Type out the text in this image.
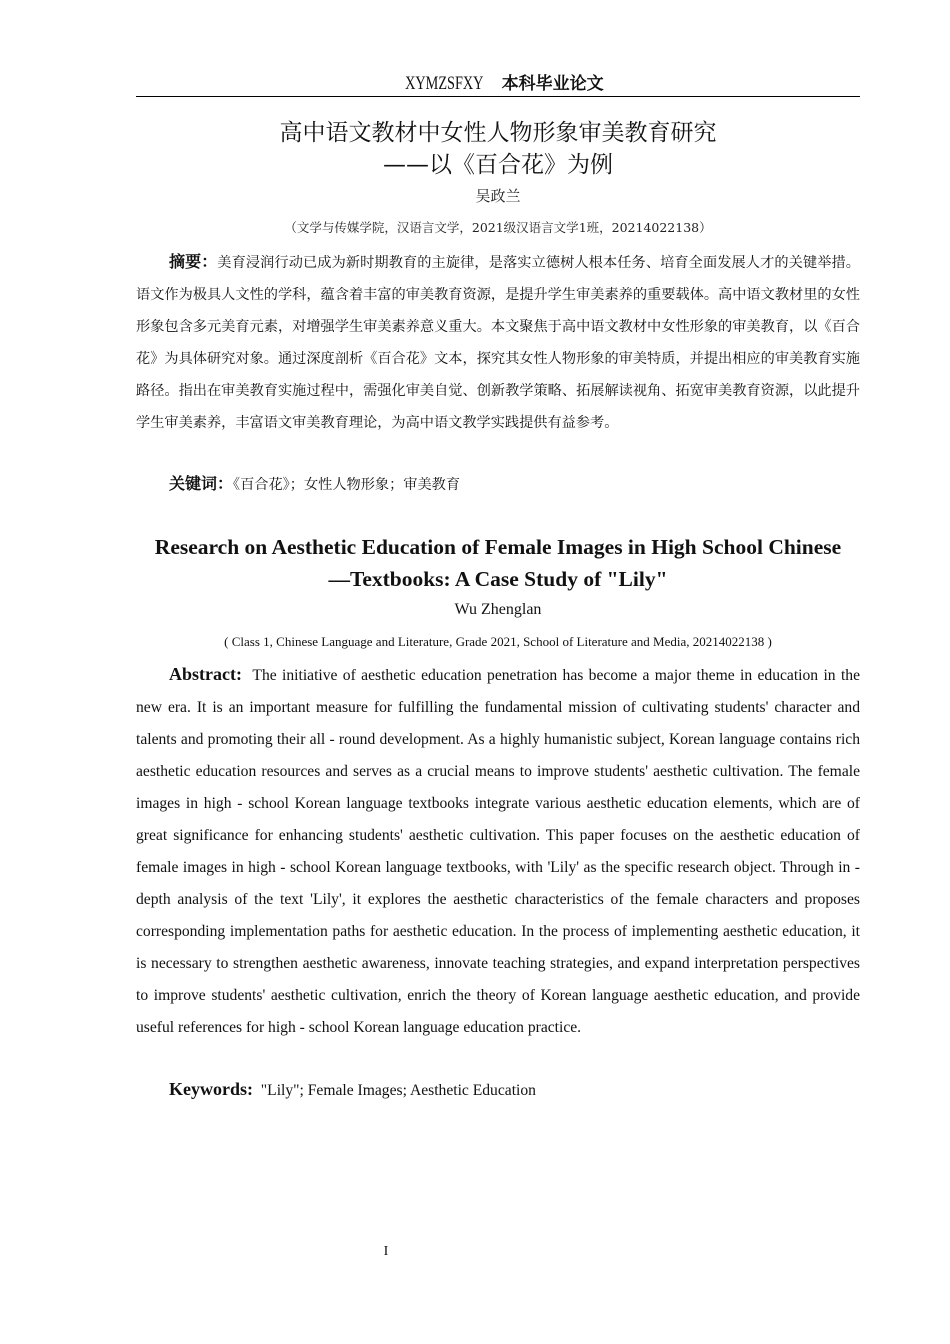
XYMZSFXY 本科毕业论文
高中语文教材中女性人物形象审美教育研究
——以《百合花》为例
吴政兰
（文学与传媒学院，汉语言文学，2021级汉语言文学1班，20214022138）
摘要：美育浸润行动已成为新时期教育的主旋律，是落实立德树人根本任务、培育全面发展人才的关键举措。语文作为极具人文性的学科，蕴含着丰富的审美教育资源，是提升学生审美素养的重要载体。高中语文教材里的女性形象包含多元美育元素，对增强学生审美素养意义重大。本文聚焦于高中语文教材中女性形象的审美教育，以《百合花》为具体研究对象。通过深度剖析《百合花》文本，探究其女性人物形象的审美特质，并提出相应的审美教育实施路径。指出在审美教育实施过程中，需强化审美自觉、创新教学策略、拓展解读视角、拓宽审美教育资源，以此提升学生审美素养，丰富语文审美教育理论，为高中语文教学实践提供有益参考。
关键词：《百合花》；女性人物形象；审美教育
Research on Aesthetic Education of Female Images in High School Chinese
—Textbooks: A Case Study of "Lily"
Wu Zhenglan
( Class 1, Chinese Language and Literature, Grade 2021, School of Literature and Media, 20214022138 )
Abstract: The initiative of aesthetic education penetration has become a major theme in education in the new era. It is an important measure for fulfilling the fundamental mission of cultivating students' character and talents and promoting their all - round development. As a highly humanistic subject, Korean language contains rich aesthetic education resources and serves as a crucial means to improve students' aesthetic cultivation. The female images in high - school Korean language textbooks integrate various aesthetic education elements, which are of great significance for enhancing students' aesthetic cultivation. This paper focuses on the aesthetic education of female images in high - school Korean language textbooks, with 'Lily' as the specific research object. Through in - depth analysis of the text 'Lily', it explores the aesthetic characteristics of the female characters and proposes corresponding implementation paths for aesthetic education. In the process of implementing aesthetic education, it is necessary to strengthen aesthetic awareness, innovate teaching strategies, and expand interpretation perspectives to improve students' aesthetic cultivation, enrich the theory of Korean language aesthetic education, and provide useful references for high - school Korean language education practice.
Keywords: "Lily"; Female Images; Aesthetic Education
I
